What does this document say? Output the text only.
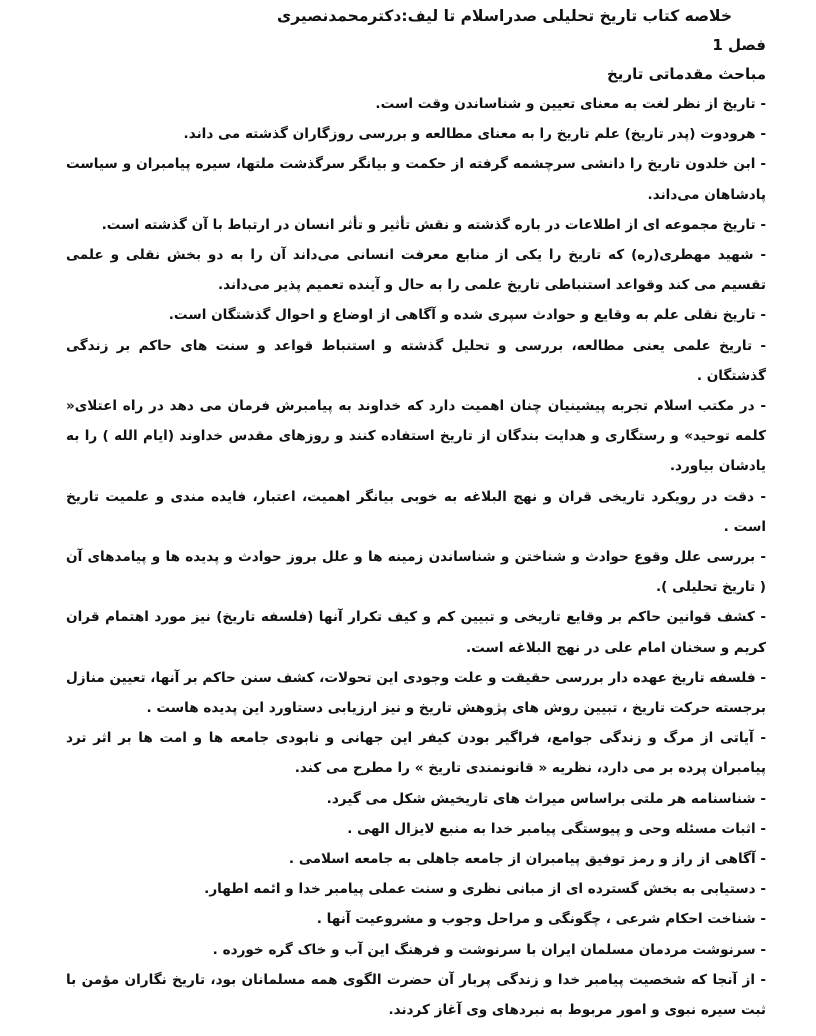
خلاصه کتاب تاریخ تحلیلی صدراسلام تا لیف:دکترمحمدنصیری

فصل 1

مباحث مقدماتی تاریخ

- تاریخ از نظر لغت به معنای تعیین و شناساندن وقت است.

- هرودوت (پدر تاریخ) علم تاریخ را به معنای مطالعه و بررسی روزگاران گذشته می داند.

- ابن خلدون تاریخ را دانشی سرچشمه گرفته از حکمت و بیانگر سرگذشت ملتها، سیره پیامبران و سیاست پادشاهان می‌داند.

- تاریخ مجموعه ای از اطلاعات در باره گذشته و نقش تأثیر و تأثر انسان در ارتباط با آن گذشته است.

- شهید مهطری(ره) که تاریخ را یکی از منابع معرفت انسانی می‌داند آن را به دو بخش نقلی و علمی تقسیم می کند وقواعد استنباطی تاریخ علمی را به حال و آینده تعمیم پذیر می‌داند.

- تاریخ نقلی علم به وقایع و حوادث سپری شده و آگاهی از اوضاع و احوال گذشتگان است.

- تاریخ علمی یعنی مطالعه، بررسی و تحلیل گذشته و استنباط قواعد و سنت های حاکم بر زندگی گذشتگان .

- در مکتب اسلام تجربه پیشینیان چنان اهمیت دارد که خداوند به پیامبرش فرمان می دهد در راه اعتلای« کلمه توحید» و رستگاری و هدایت بندگان از تاریخ استفاده کنند و روزهای مقدس خداوند (ایام الله ) را به یادشان بیاورد.

- دقت در رویکرد تاریخی قران و نهج البلاغه به خوبی بیانگر اهمیت، اعتبار، فایده مندی و علمیت تاریخ است .

- بررسی علل وقوع حوادث و شناختن و شناساندن زمینه ها و علل بروز حوادث و پدیده ها و پیامدهای آن ( تاریخ تحلیلی ).

- کشف قوانین حاکم بر وقایع تاریخی و تبیین کم و کیف تکرار آنها (فلسفه تاریخ) نیز مورد اهتمام قران کریم و سخنان امام علی در نهج البلاغه است.

- فلسفه تاریخ عهده دار بررسی حقیقت و علت وجودی این تحولات، کشف سنن حاکم بر آنها، تعیین منازل برجسته حرکت تاریخ ، تبیین روش های پژوهش تاریخ و نیز ارزیابی دستاورد این پدیده هاست .

- آیاتی از مرگ و زندگی جوامع، فراگیر بودن کیفر این جهانی و نابودی جامعه ها و امت ها بر اثر ترد پیامبران پرده بر می دارد، نظریه « قانونمندی تاریخ » را مطرح می کند.

- شناسنامه هر ملتی براساس میراث های تاریخیش شکل می گیرد.

- اثبات مسئله وحی و پیوستگی پیامبر خدا به منبع لایزال الهی .

- آگاهی از راز و رمز توفیق پیامبران از جامعه جاهلی به جامعه اسلامی .

- دستیابی به بخش گسترده ای از مبانی نظری و سنت عملی پیامبر خدا و ائمه اطهار.

- شناخت احکام شرعی ، چگونگی و مراحل وجوب و مشروعیت آنها .

- سرنوشت مردمان مسلمان ایران با سرنوشت و فرهنگ این آب و خاک گره خورده .

- از آنجا که شخصیت پیامبر خدا و زندگی پربار آن حضرت الگوی همه مسلمانان بود، تاریخ نگاران مؤمن با ثبت سیره نبوی و امور مربوط به نبردهای وی آغاز کردند.
